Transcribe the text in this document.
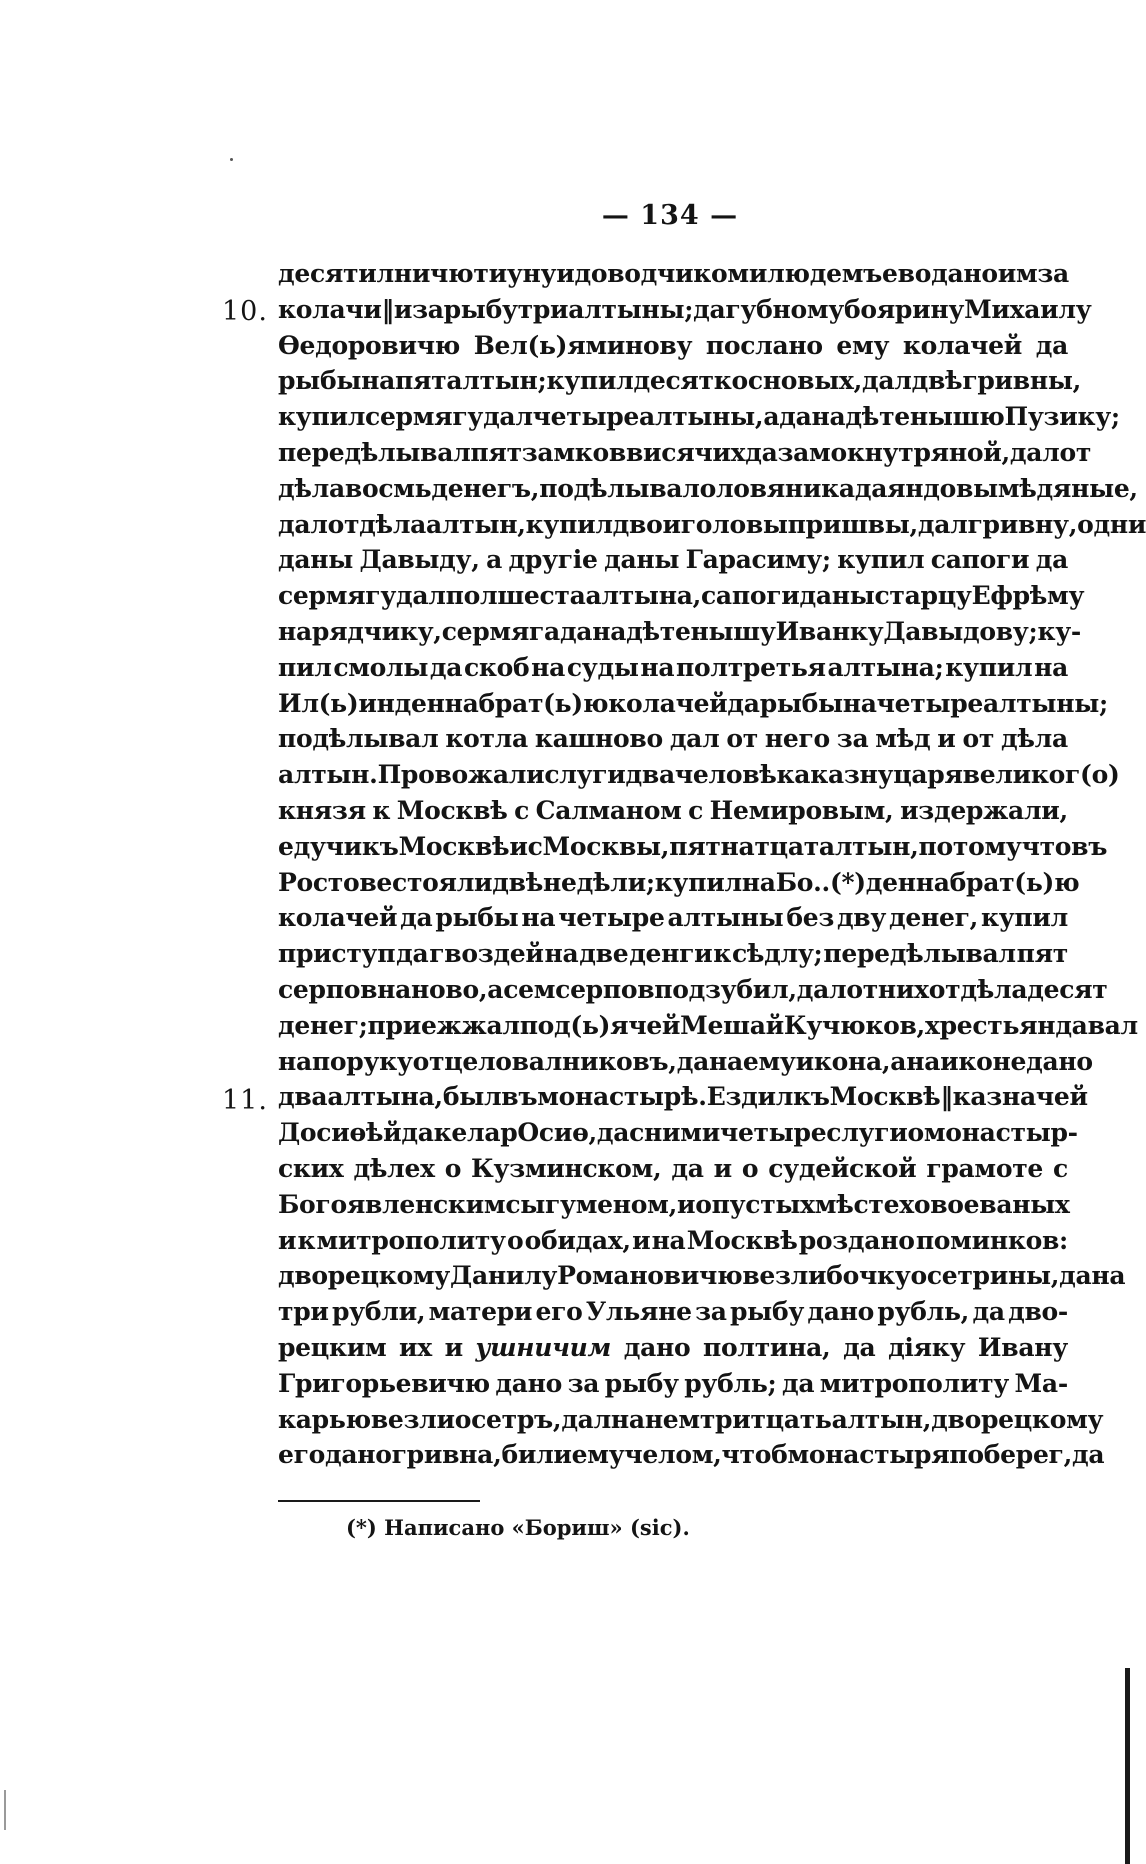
— 134 —
десятилничю тиуну и доводчиком и людемъ ево дано им за
колачи ‖ и за рыбу три алтыны; да губному боярину Михаилу
Өедоровичю Вел(ь)яминову послано ему колачей да
рыбы на пят алтын; купил десят кос новых, дал двѣ гривны,
купил сермягу дал четыре алтыны, а дана дѣтенышю Пузику;
передѣлывал пят замков висячих да замок нутряной, дал от
дѣла восмь денегъ, подѣлывал оловяника да яндовы мѣдяные,
дал от дѣла алтын, купил двои головы пришвы, дал гривну, одни
даны Давыду, а другiе даны Гарасиму; купил сапоги да
сермягу дал полшеста алтына, сапоги даны старцу Ефрѣму
нарядчику, сермяга дана дѣтенышу Иванку Давыдову; ку-
пил смолы да скоб на суды на полтретья алтына; купил на
Ил(ь)ин ден на брат(ь)ю колачей да рыбы на четыре алтыны;
подѣлывал котла кашново дал от него за мѣд и от дѣла
алтын. Провожали слуги два человѣка казну царя великог(о)
князя к Москвѣ с Салманом с Немировым, издержали,
едучи къ Москвѣ и с Москвы, пятнатцат алтын, потому что въ
Ростове стояли двѣ недѣли; купил на Бо. . (*) ден на брат(ь)ю
колачей да рыбы на четыре алтыны без дву денег, купил
приступ да гвоздей на две денги к сѣдлу; передѣлывал пят
серпов наново, а сем серпов подзубил, дал от них от дѣла десят
денег; приежжал под(ь)ячей Мешай Кучюков, хрестьян давал
на поруку от целовалниковъ, дана ему икона, а на иконе дано
два алтына, был въ монастырѣ. Ездил къ Москвѣ ‖ казначей
Досиөѣй да келар Осиө, да с ними четыре слуги о монастыр-
ских дѣлех о Кузминском, да и о судейской грамоте с
Богоявленским с ыгуменом, и о пустых мѣстех о воеваных
и к митрополиту о обидах, и на Москвѣ роздано поминков:
дворецкому Данилу Романовичю везли бочку осетрины, дана
три рубли, матери его Ульяне за рыбу дано рубль, да дво-
рецким их и ушничим дано полтина, да дiяку Ивану
Григорьевичю дано за рыбу рубль; да митрополиту Ма-
карью везли осетръ, дал на нем тритцать алтын, дворецкому
его дано гривна, били ему челом, чтоб монастыря поберег, да
10.
11.
(*) Написано «Бориш» (sic).
